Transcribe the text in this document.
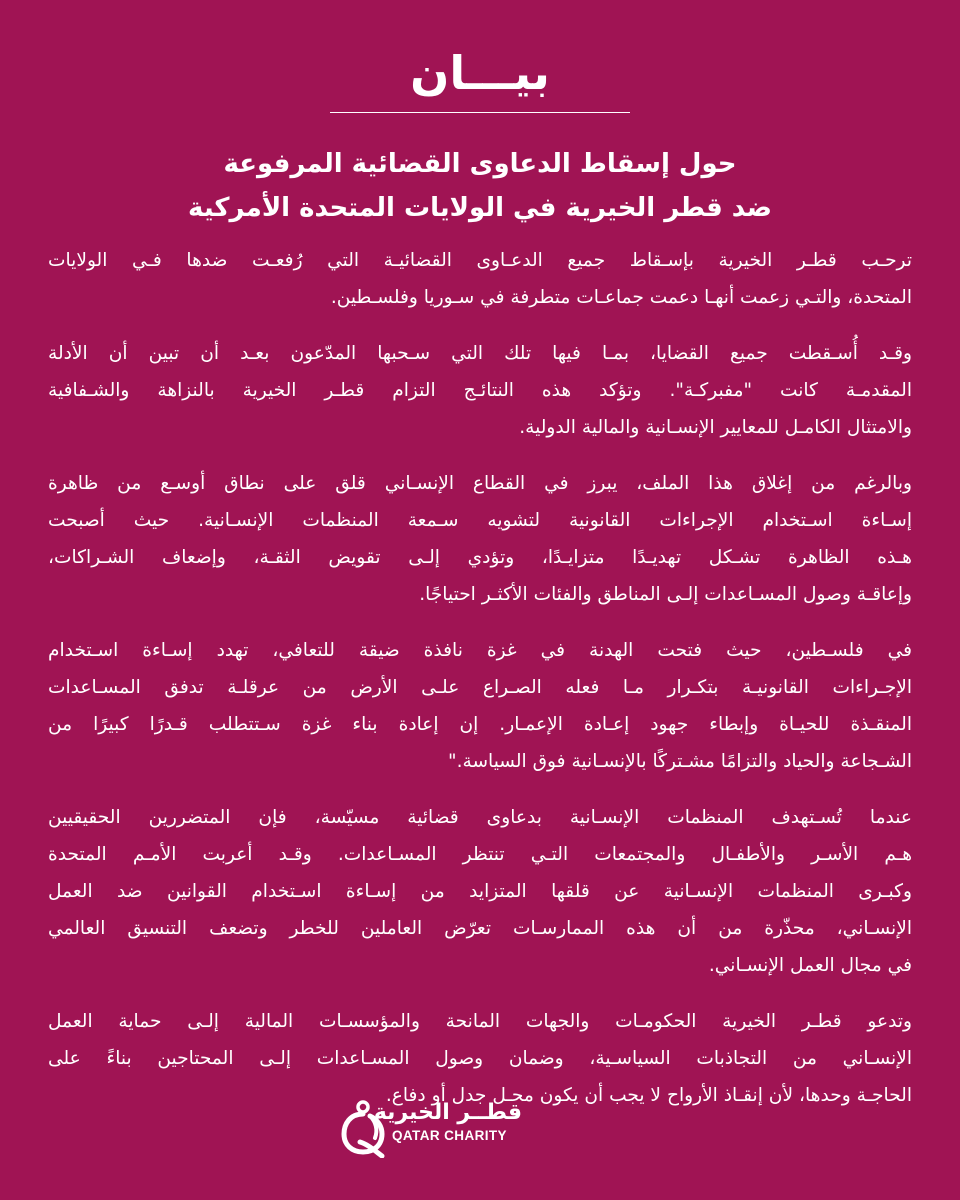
بيـــان
حول إسقاط الدعاوى القضائية المرفوعة
ضد قطر الخيرية في الولايات المتحدة الأمركية

ترحـب قطـر الخيرية بإسـقاط جميع الدعـاوى القضائيـة التي رُفعـت ضدها فـي الولايات
المتحدة، والتـي زعمت أنهـا دعمت جماعـات متطرفة في سـوريا وفلسـطين.

وقـد أُسـقطت جميع القضايا، بمـا فيها تلك التي سـحبها المدّعون بعـد أن تبين أن الأدلة
المقدمـة كانت "مفبركـة". وتؤكد هذه النتائـج التزام قطـر الخيرية بالنزاهة والشـفافية
والامتثال الكامـل للمعايير الإنسـانية والمالية الدولية.

وبالرغم من إغلاق هذا الملف، يبرز في القطاع الإنسـاني قلق على نطاق أوسـع من ظاهرة
إسـاءة اسـتخدام الإجراءات القانونية لتشويه سـمعة المنظمات الإنسـانية. حيث أصبحت
هـذه الظاهرة تشـكل تهديـدًا متزايـدًا، وتؤدي إلـى تقويض الثقـة، وإضعاف الشـراكات،
وإعاقـة وصول المسـاعدات إلـى المناطق والفئات الأكثـر احتياجًا.

في فلسـطين، حيث فتحت الهدنة في غزة نافذة ضيقة للتعافي، تهدد إسـاءة اسـتخدام
الإجـراءات القانونيـة بتكـرار مـا فعله الصـراع علـى الأرض من عرقلـة تدفق المسـاعدات
المنقـذة للحيـاة وإبطاء جهود إعـادة الإعمـار. إن إعادة بناء غزة سـتتطلب قـدرًا كبيرًا من
الشـجاعة والحياد والتزامًا مشـتركًا بالإنسـانية فوق السياسة."

عندما تُسـتهدف المنظمات الإنسـانية بدعاوى قضائية مسيّسة، فإن المتضررين الحقيقيين
هـم الأسـر والأطفـال والمجتمعات التـي تنتظر المسـاعدات. وقـد أعربت الأمـم المتحدة
وكبـرى المنظمات الإنسـانية عن قلقها المتزايد من إسـاءة اسـتخدام القوانين ضد العمل
الإنسـاني، محذّرة من أن هذه الممارسـات تعرّض العاملين للخطر وتضعف التنسيق العالمي
في مجال العمل الإنسـاني.

وتدعو قطـر الخيرية الحكومـات والجهات المانحة والمؤسسـات المالية إلـى حماية العمل
الإنسـاني من التجاذبات السياسـية، وضمان وصول المسـاعدات إلـى المحتاجين بناءً على
الحاجـة وحدها، لأن إنقـاذ الأرواح لا يجب أن يكون محـل جدل أو دفاع.

قطــر الخيرية
QATAR CHARITY
